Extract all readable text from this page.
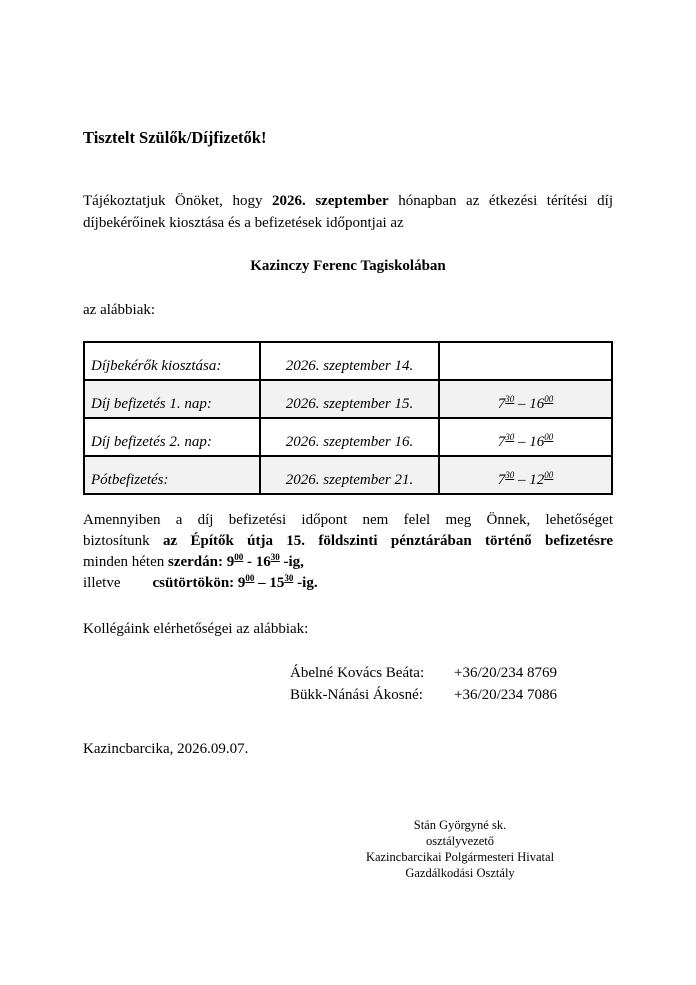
Tisztelt Szülők/Díjfizetők!
Tájékoztatjuk Önöket, hogy 2026. szeptember hónapban az étkezési térítési díj
díjbekérőinek kiosztása és a befizetések időpontjai az
Kazinczy Ferenc Tagiskolában
az alábbiak:
Díjbekérők kiosztása:	2026. szeptember 14.	
Díj befizetés 1. nap:	2026. szeptember 15.	$7^{30} - 16^{00}$
Díj befizetés 2. nap:	2026. szeptember 16.	$7^{30} - 16^{00}$
Pótbefizetés:	2026. szeptember 21.	$7^{30} - 12^{00}$
Amennyiben a díj befizetési időpont nem felel meg Önnek, lehetőséget
biztosítunk az Építők útja 15. földszinti pénztárában történő befizetésre
minden héten szerdán: $9^{00} - 16^{30}$ -ig,
illetve csütörtökön: $9^{00} - 15^{30}$ -ig.
Kollégáink elérhetőségei az alábbiak:
Ábelné Kovács Beáta:	+36/20/234 8769
Bükk-Nánási Ákosné:	+36/20/234 7086
Kazincbarcika, 2026.09.07.
Stán Györgyné sk.
osztályvezető
Kazincbarcikai Polgármesteri Hivatal
Gazdálkodási Osztály
